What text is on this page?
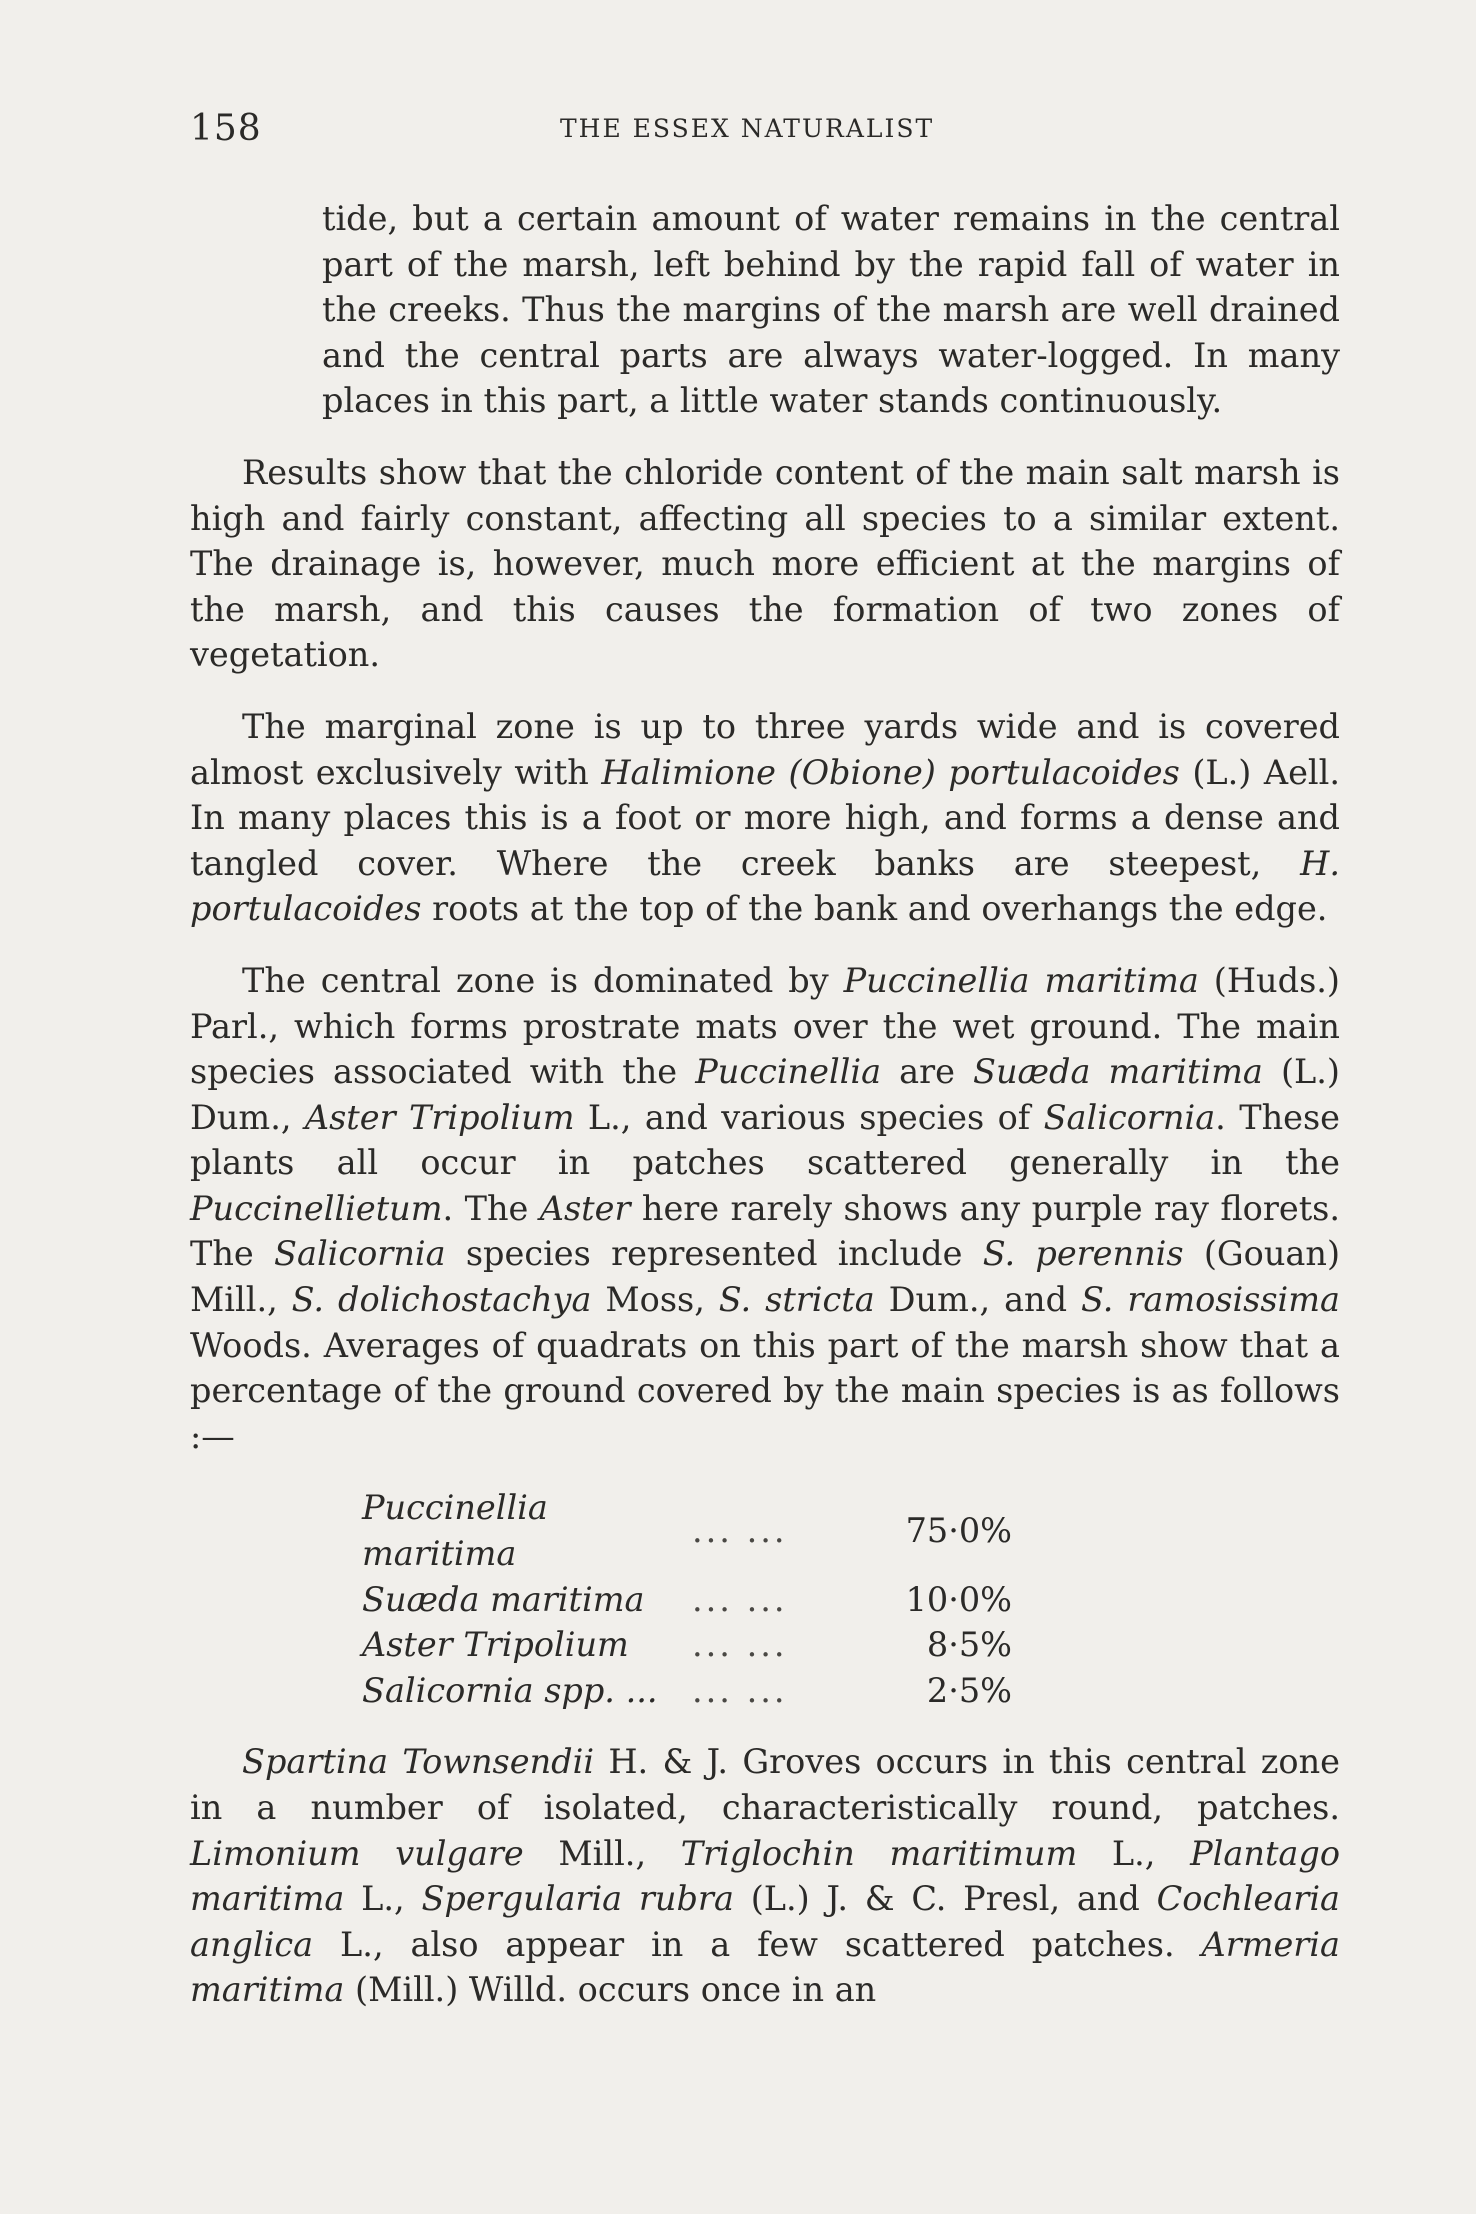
158	THE ESSEX NATURALIST

tide, but a certain amount of water remains in the central part of the marsh, left behind by the rapid fall of water in the creeks. Thus the margins of the marsh are well drained and the central parts are always water-logged. In many places in this part, a little water stands continuously.

Results show that the chloride content of the main salt marsh is high and fairly constant, affecting all species to a similar extent. The drainage is, however, much more efficient at the margins of the marsh, and this causes the formation of two zones of vegetation.

The marginal zone is up to three yards wide and is covered almost exclusively with Halimione (Obione) portulacoides (L.) Aell. In many places this is a foot or more high, and forms a dense and tangled cover. Where the creek banks are steepest, H. portulacoides roots at the top of the bank and overhangs the edge.

The central zone is dominated by Puccinellia maritima (Huds.) Parl., which forms prostrate mats over the wet ground. The main species associated with the Puccinellia are Suæda maritima (L.) Dum., Aster Tripolium L., and various species of Salicornia. These plants all occur in patches scattered generally in the Puccinellietum. The Aster here rarely shows any purple ray florets. The Salicornia species represented include S. perennis (Gouan) Mill., S. dolichostachya Moss, S. stricta Dum., and S. ramosissima Woods. Averages of quadrats on this part of the marsh show that a percentage of the ground covered by the main species is as follows :—

Puccinellia maritima	... ...	75·0%
Suæda maritima	... ...	10·0%
Aster Tripolium	... ...	8·5%
Salicornia spp. ...	... ...	2·5%

Spartina Townsendii H. & J. Groves occurs in this central zone in a number of isolated, characteristically round, patches. Limonium vulgare Mill., Triglochin maritimum L., Plantago maritima L., Spergularia rubra (L.) J. & C. Presl, and Cochlearia anglica L., also appear in a few scattered patches. Armeria maritima (Mill.) Willd. occurs once in an
